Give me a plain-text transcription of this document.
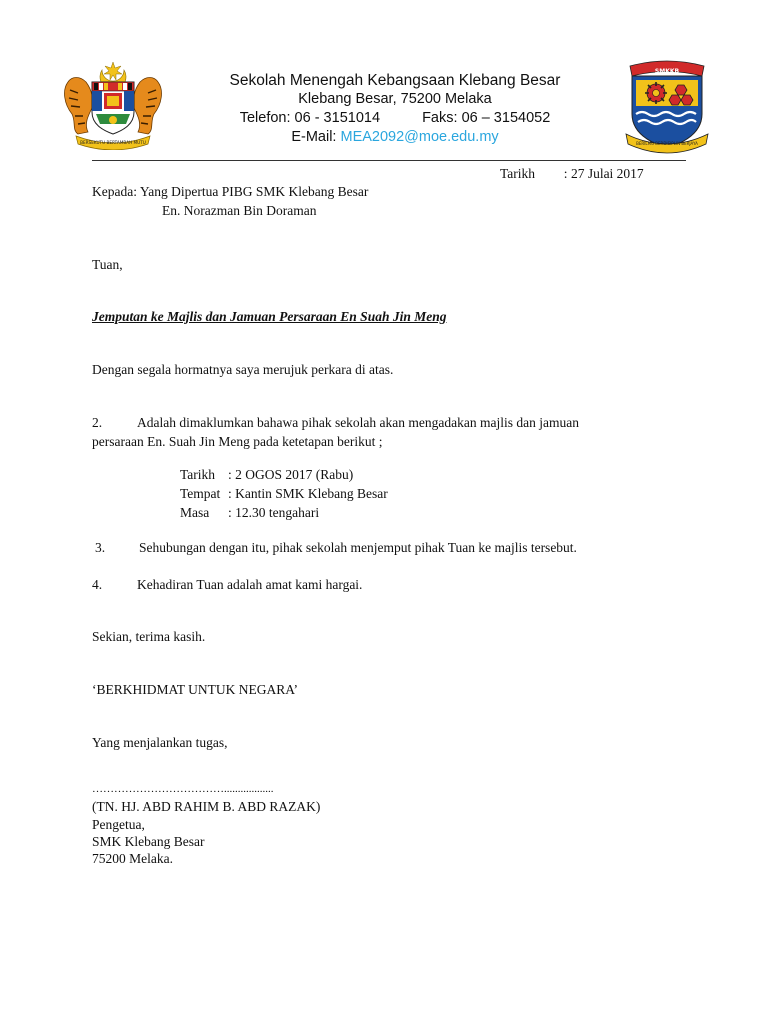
BERSEKUTU BERTAMBAH MUTU
SMKKB
BERILMU BERDISIPLIN BERJAYA
Sekolah Menengah Kebangsaan Klebang Besar
Klebang Besar, 75200 Melaka
Telefon: 06 - 3151014	Faks: 06 – 3154052
E-Mail: MEA2092@moe.edu.my
Tarikh : 27 Julai 2017
Kepada: Yang Dipertua PIBG SMK Klebang Besar
En. Norazman Bin Doraman
Tuan,
Jemputan ke Majlis dan Jamuan Persaraan En Suah Jin Meng
Dengan segala hormatnya saya merujuk perkara di atas.
2.	Adalah dimaklumkan bahawa pihak sekolah akan mengadakan majlis dan jamuan
persaraan En. Suah Jin Meng pada ketetapan berikut ;
Tarikh : 2 OGOS 2017 (Rabu)
Tempat : Kantin SMK Klebang Besar
Masa : 12.30 tengahari
3.	Sehubungan dengan itu, pihak sekolah menjemput pihak Tuan ke majlis tersebut.
4.	Kehadiran Tuan adalah amat kami hargai.
Sekian, terima kasih.
‘BERKHIDMAT UNTUK NEGARA’
Yang menjalankan tugas,
………………………………..................
(TN. HJ. ABD RAHIM B. ABD RAZAK)
Pengetua,
SMK Klebang Besar
75200 Melaka.
